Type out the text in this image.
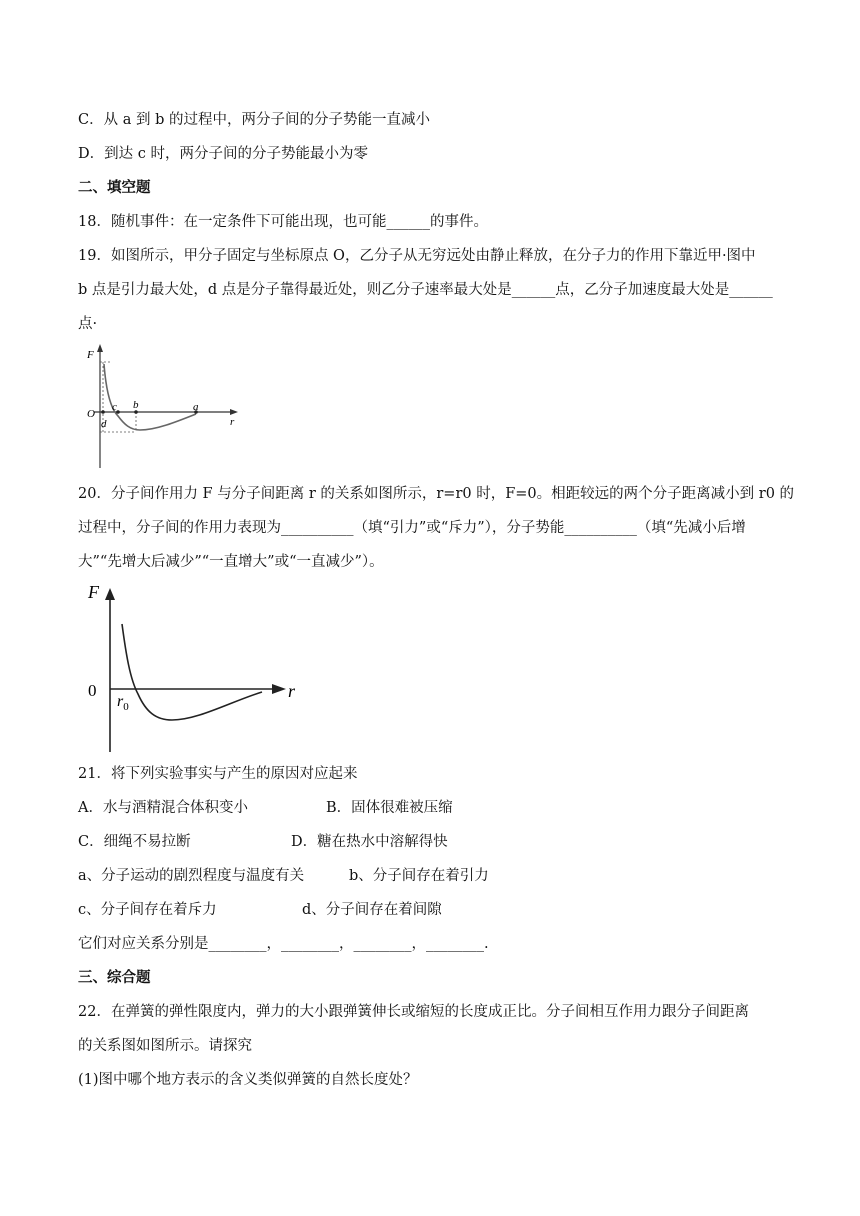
C．从 a 到 b 的过程中，两分子间的分子势能一直减小
D．到达 c 时，两分子间的分子势能最小为零
二、填空题
18．随机事件：在一定条件下可能出现，也可能______的事件。
19．如图所示，甲分子固定与坐标原点 O，乙分子从无穷远处由静止释放，在分子力的作用下靠近甲·图中
b 点是引力最大处，d 点是分子靠得最近处，则乙分子速率最大处是______点，乙分子加速度最大处是______
点·
F
O
c b	a
d	r
20．分子间作用力 F 与分子间距离 r 的关系如图所示，r=r0 时，F=0。相距较远的两个分子距离减小到 r0 的
过程中，分子间的作用力表现为__________（填“引力”或“斥力”），分子势能__________（填“先减小后增
大”“先增大后减少”“一直增大”或“一直减少”）。
F
0
$r_0$
r
21．将下列实验事实与产生的原因对应起来
A．水与酒精混合体积变小	B．固体很难被压缩
C．细绳不易拉断	D．糖在热水中溶解得快
a、分子运动的剧烈程度与温度有关	b、分子间存在着引力
c、分子间存在着斥力	d、分子间存在着间隙
它们对应关系分别是________，________，________，________.
三、综合题
22．在弹簧的弹性限度内，弹力的大小跟弹簧伸长或缩短的长度成正比。分子间相互作用力跟分子间距离
的关系图如图所示。请探究
(1)图中哪个地方表示的含义类似弹簧的自然长度处？
